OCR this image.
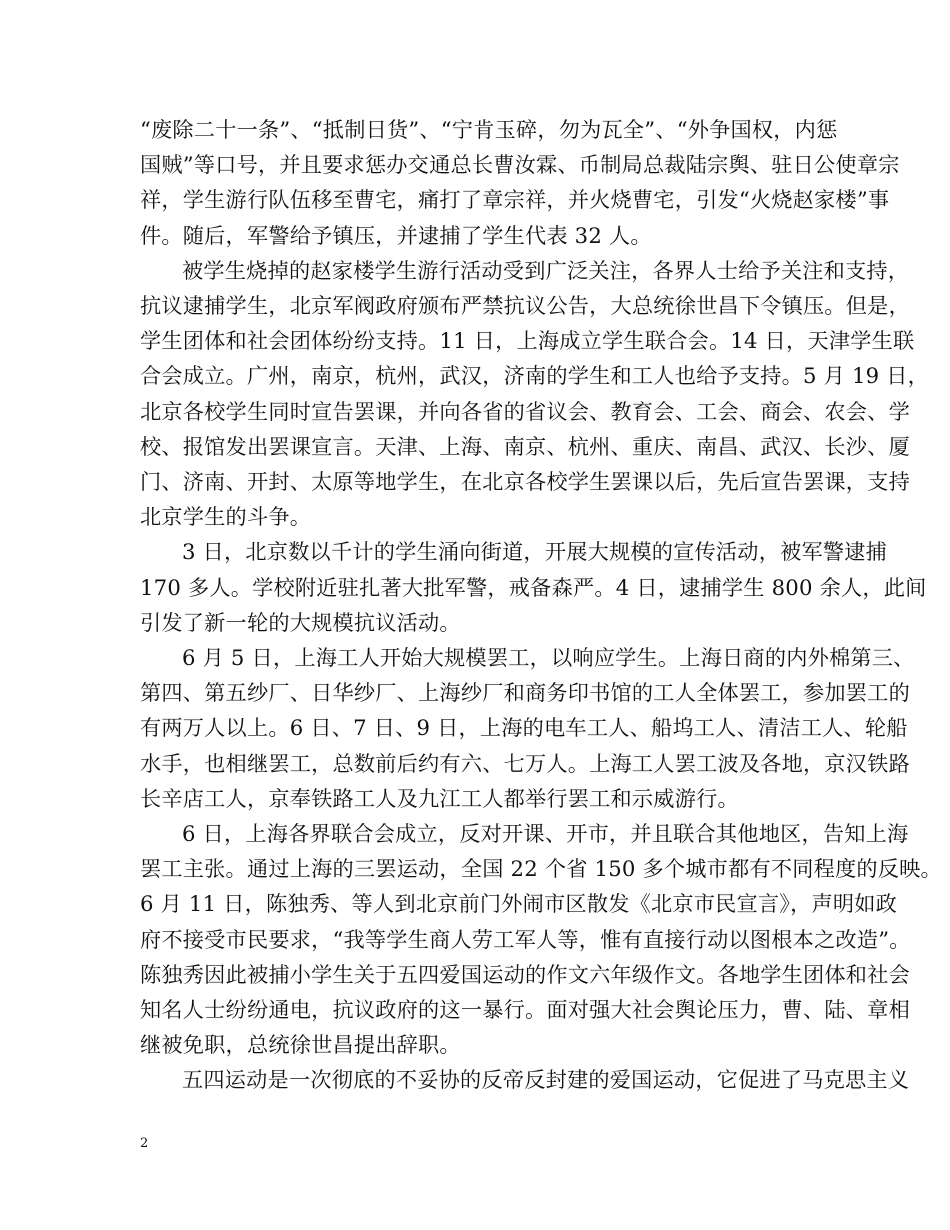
“废除二十一条”、“抵制日货”、“宁肯玉碎，勿为瓦全”、“外争国权，内惩
国贼”等口号，并且要求惩办交通总长曹汝霖、币制局总裁陆宗舆、驻日公使章宗
祥，学生游行队伍移至曹宅，痛打了章宗祥，并火烧曹宅，引发“火烧赵家楼”事
件。随后，军警给予镇压，并逮捕了学生代表 32 人。

被学生烧掉的赵家楼学生游行活动受到广泛关注，各界人士给予关注和支持，
抗议逮捕学生，北京军阀政府颁布严禁抗议公告，大总统徐世昌下令镇压。但是，
学生团体和社会团体纷纷支持。11 日，上海成立学生联合会。14 日，天津学生联
合会成立。广州，南京，杭州，武汉，济南的学生和工人也给予支持。5 月 19 日，
北京各校学生同时宣告罢课，并向各省的省议会、教育会、工会、商会、农会、学
校、报馆发出罢课宣言。天津、上海、南京、杭州、重庆、南昌、武汉、长沙、厦
门、济南、开封、太原等地学生，在北京各校学生罢课以后，先后宣告罢课，支持
北京学生的斗争。

3 日，北京数以千计的学生涌向街道，开展大规模的宣传活动，被军警逮捕
170 多人。学校附近驻扎著大批军警，戒备森严。4 日，逮捕学生 800 余人，此间
引发了新一轮的大规模抗议活动。

6 月 5 日，上海工人开始大规模罢工，以响应学生。上海日商的内外棉第三、
第四、第五纱厂、日华纱厂、上海纱厂和商务印书馆的工人全体罢工，参加罢工的
有两万人以上。6 日、7 日、9 日，上海的电车工人、船坞工人、清洁工人、轮船
水手，也相继罢工，总数前后约有六、七万人。上海工人罢工波及各地，京汉铁路
长辛店工人，京奉铁路工人及九江工人都举行罢工和示威游行。

6 日，上海各界联合会成立，反对开课、开市，并且联合其他地区，告知上海
罢工主张。通过上海的三罢运动，全国 22 个省 150 多个城市都有不同程度的反映。
6 月 11 日，陈独秀、等人到北京前门外闹市区散发《北京市民宣言》，声明如政
府不接受市民要求，“我等学生商人劳工军人等，惟有直接行动以图根本之改造”。
陈独秀因此被捕小学生关于五四爱国运动的作文六年级作文。各地学生团体和社会
知名人士纷纷通电，抗议政府的这一暴行。面对强大社会舆论压力，曹、陆、章相
继被免职，总统徐世昌提出辞职。

五四运动是一次彻底的不妥协的反帝反封建的爱国运动，它促进了马克思主义

2
